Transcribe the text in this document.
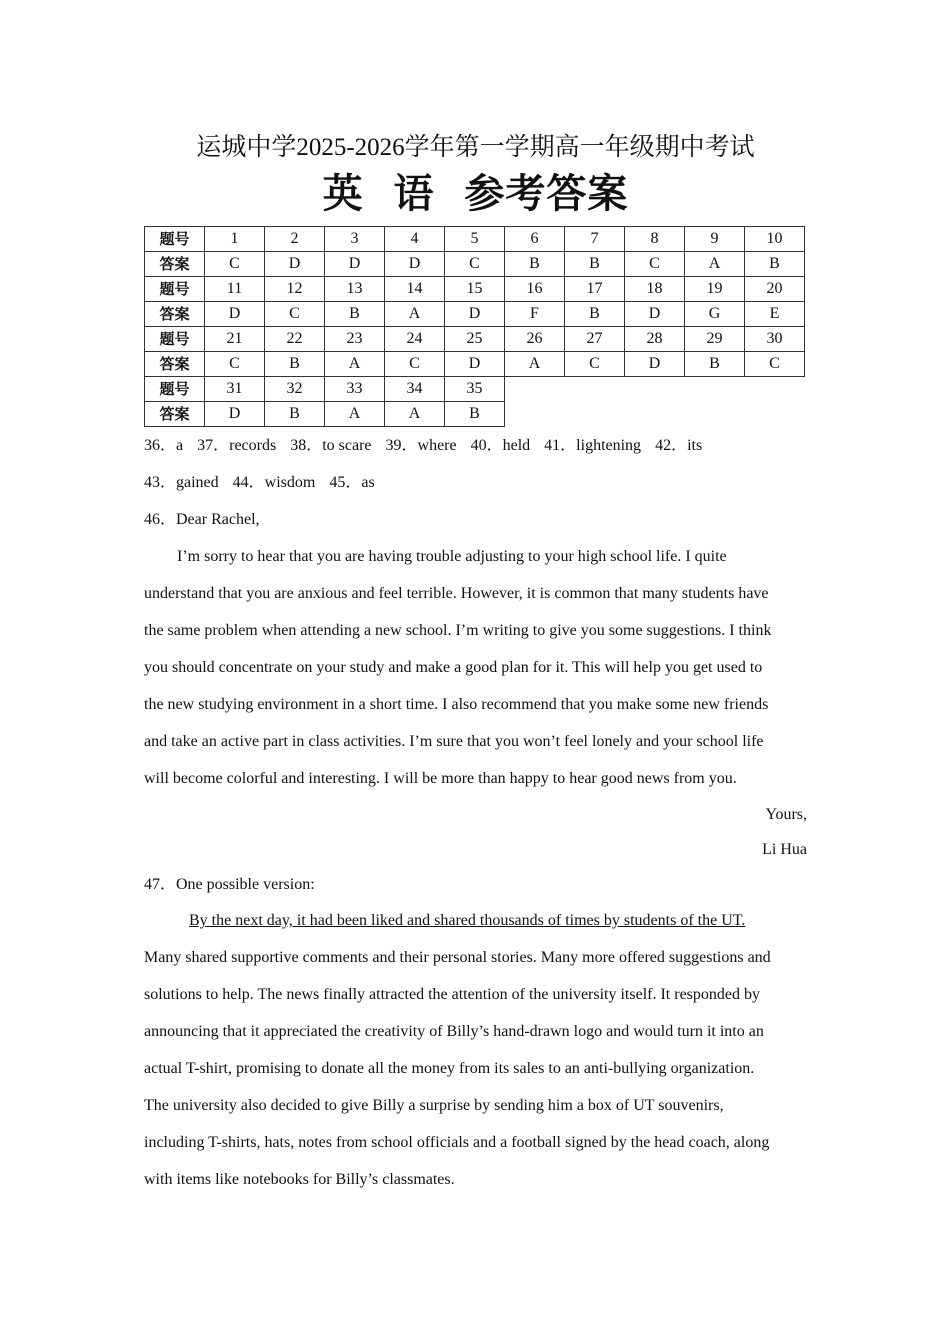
运城中学2025-2026学年第一学期高一年级期中考试
英  语  参考答案
题号	1	2	3	4	5	6	7	8	9	10
答案	C	D	D	D	C	B	B	C	A	B
题号	11	12	13	14	15	16	17	18	19	20
答案	D	C	B	A	D	F	B	D	G	E
题号	21	22	23	24	25	26	27	28	29	30
答案	C	B	A	C	D	A	C	D	B	C
题号	31	32	33	34	35					
答案	D	B	A	A	B					
36．a 37．records 38．to scare 39．where 40．held 41．lightening 42．its
43．gained 44．wisdom 45．as
46．Dear Rachel,
I’m sorry to hear that you are having trouble adjusting to your high school life. I quite
understand that you are anxious and feel terrible. However, it is common that many students have
the same problem when attending a new school. I’m writing to give you some suggestions. I think
you should concentrate on your study and make a good plan for it. This will help you get used to
the new studying environment in a short time. I also recommend that you make some new friends
and take an active part in class activities. I’m sure that you won’t feel lonely and your school life
will become colorful and interesting. I will be more than happy to hear good news from you.
Yours,
Li Hua
47．One possible version:
By the next day, it had been liked and shared thousands of times by students of the UT.
Many shared supportive comments and their personal stories. Many more offered suggestions and
solutions to help. The news finally attracted the attention of the university itself. It responded by
announcing that it appreciated the creativity of Billy’s hand-drawn logo and would turn it into an
actual T-shirt, promising to donate all the money from its sales to an anti-bullying organization.
The university also decided to give Billy a surprise by sending him a box of UT souvenirs,
including T-shirts, hats, notes from school officials and a football signed by the head coach, along
with items like notebooks for Billy’s classmates.
